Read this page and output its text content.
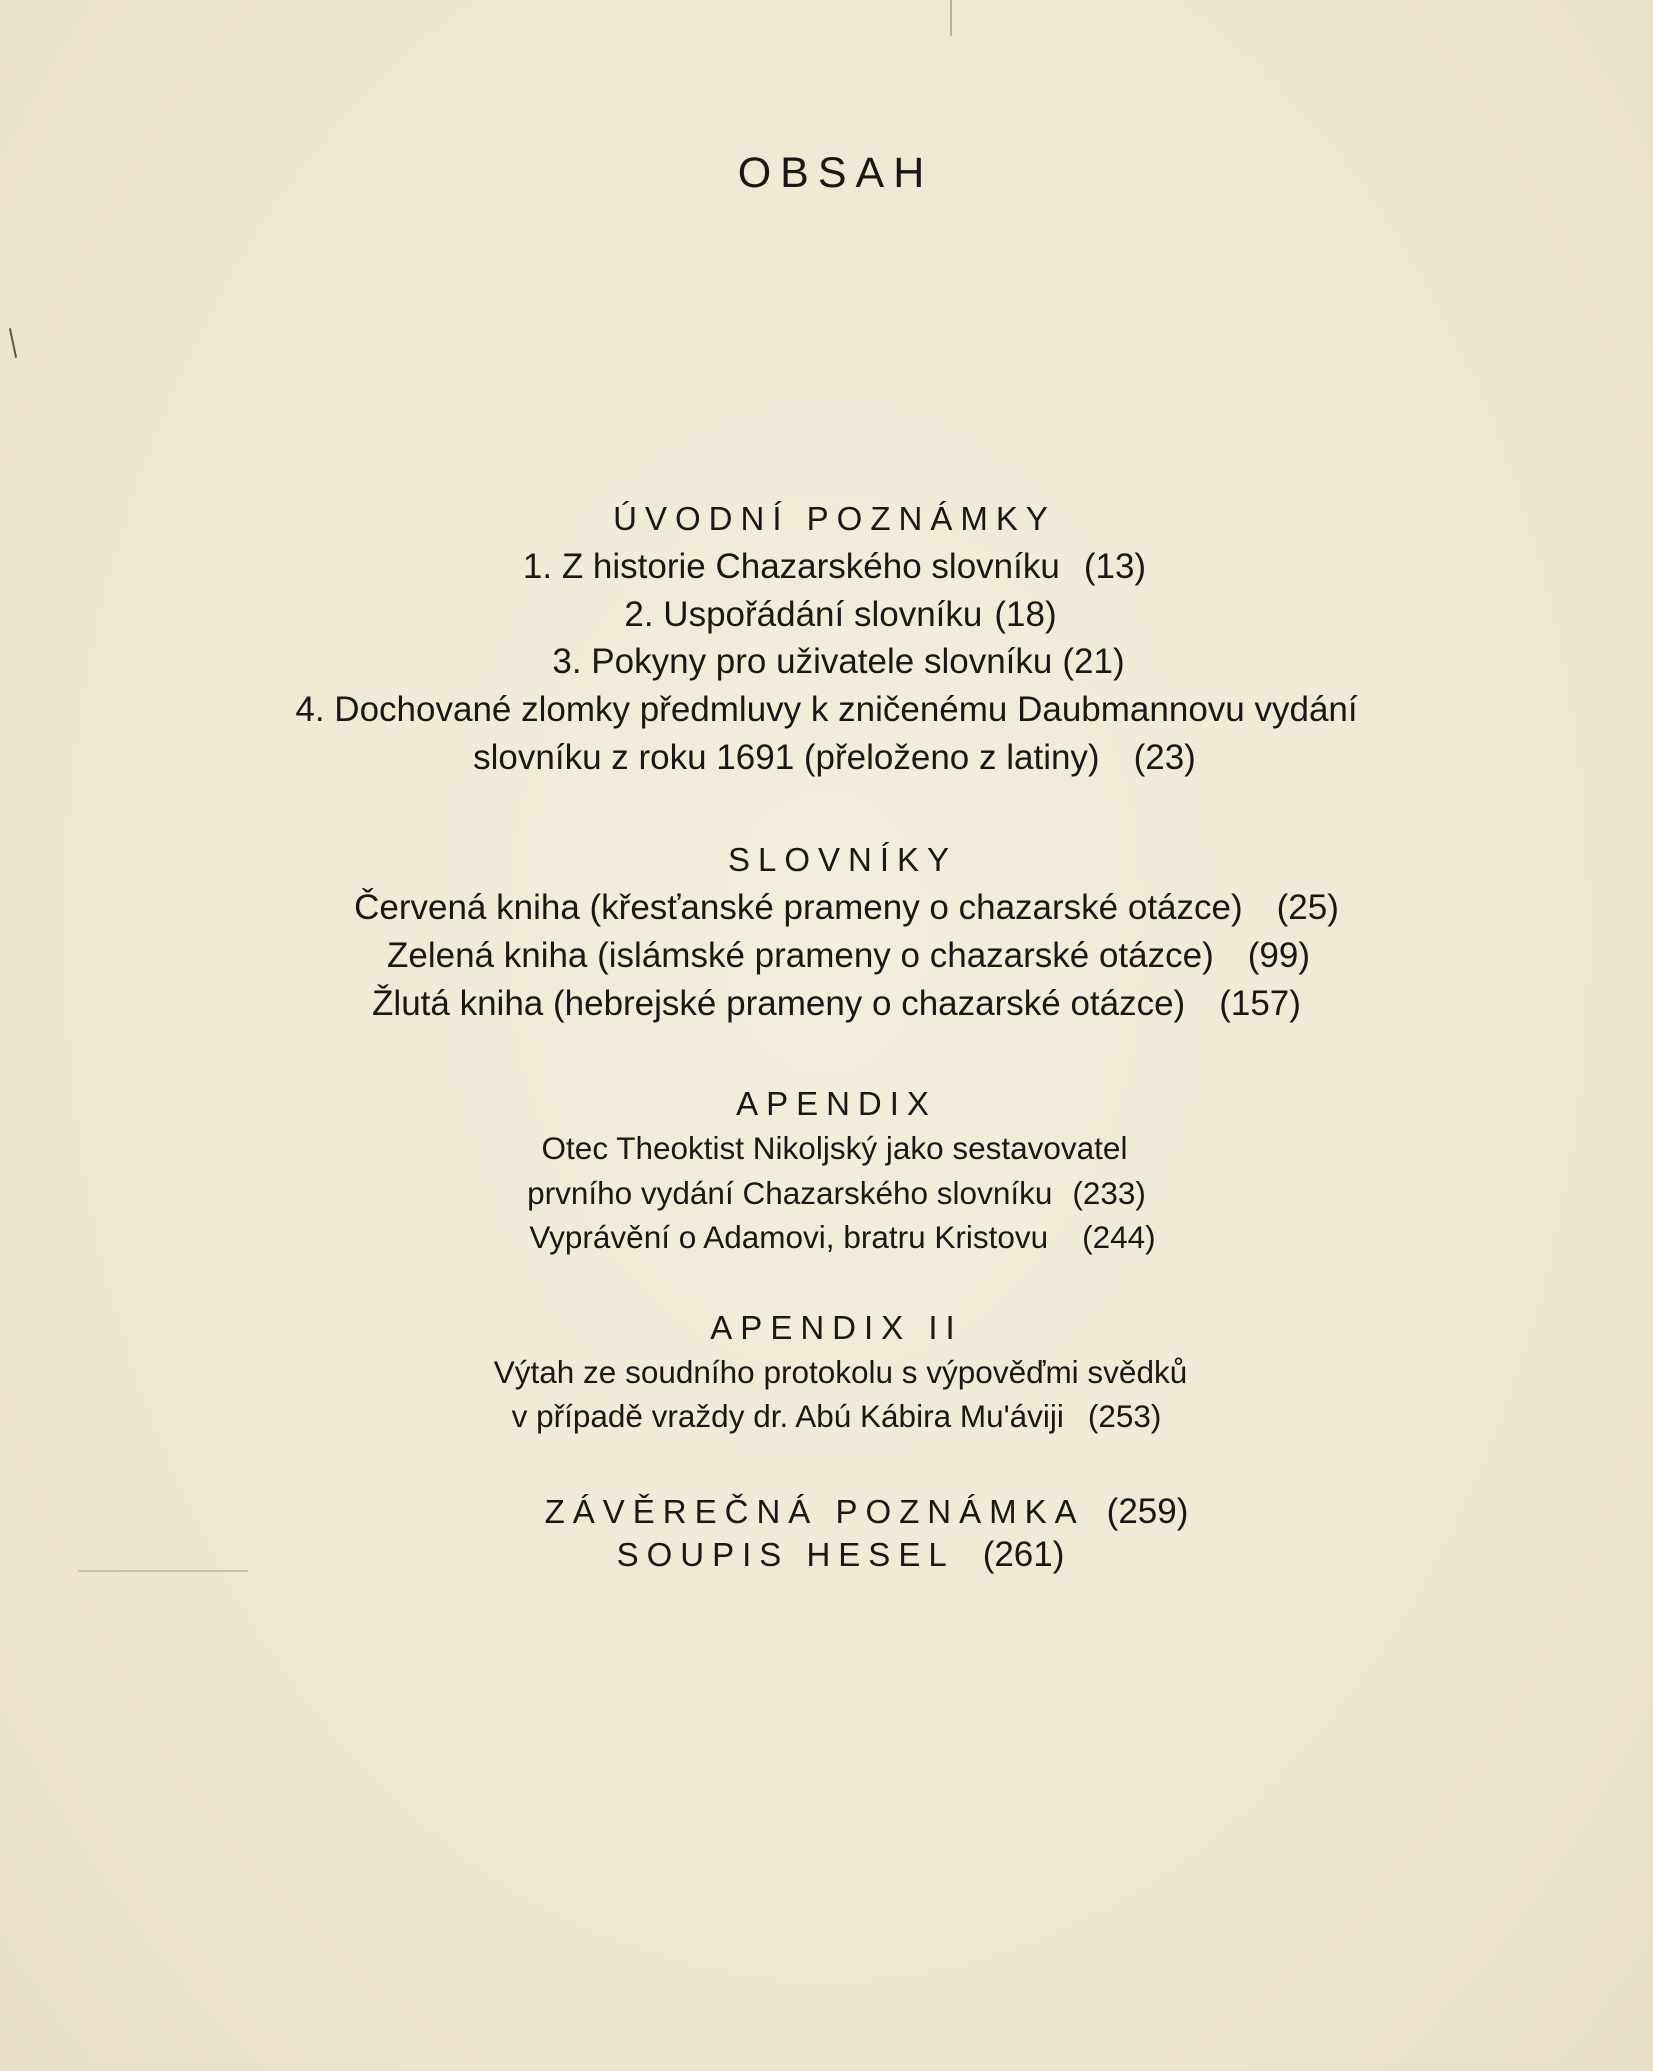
OBSAH
ÚVODNÍ POZNÁMKY
1. Z historie Chazarského slovníku (13)
2. Uspořádání slovníku (18)
3. Pokyny pro uživatele slovníku (21)
4. Dochované zlomky předmluvy k zničenému Daubmannovu vydání
slovníku z roku 1691 (přeloženo z latiny) (23)
SLOVNÍKY
Červená kniha (křesťanské prameny o chazarské otázce) (25)
Zelená kniha (islámské prameny o chazarské otázce) (99)
Žlutá kniha (hebrejské prameny o chazarské otázce) (157)
APENDIX
Otec Theoktist Nikoljský jako sestavovatel
prvního vydání Chazarského slovníku (233)
Vyprávění o Adamovi, bratru Kristovu (244)
APENDIX II
Výtah ze soudního protokolu s výpověďmi svědků
v případě vraždy dr. Abú Kábira Mu'áviji (253)
ZÁVĚREČNÁ POZNÁMKA (259)
SOUPIS HESEL (261)
